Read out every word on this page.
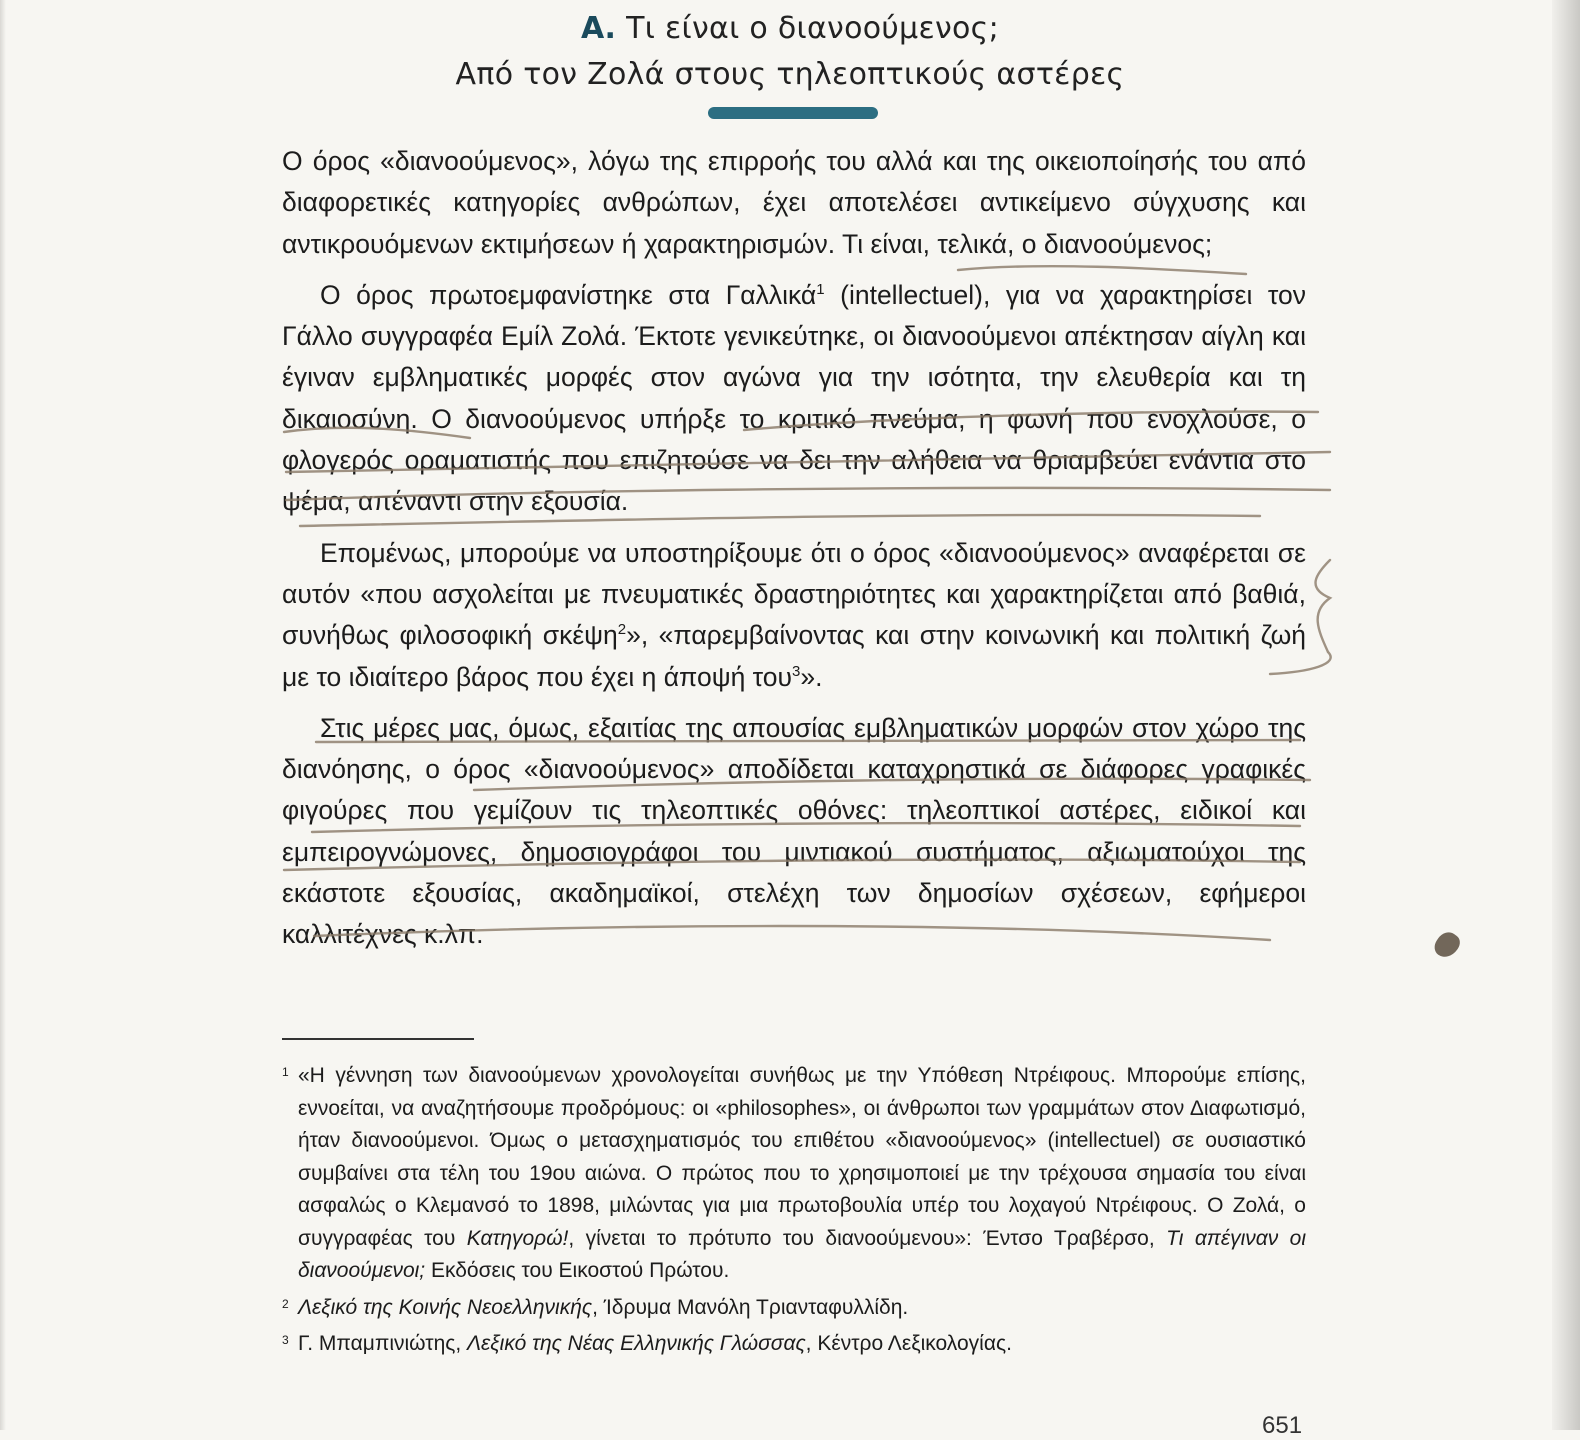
Α. Τι είναι ο διανοούμενος;
Από τον Ζολά στους τηλεοπτικούς αστέρες

Ο όρος «διανοούμενος», λόγω της επιρροής του αλλά και της οικειοποίησής του από διαφορετικές κατηγορίες ανθρώπων, έχει αποτελέσει αντικείμενο σύγχυσης και αντικρουόμενων εκτιμήσεων ή χαρακτηρισμών. Τι είναι, τελικά, ο διανοούμενος;

Ο όρος πρωτοεμφανίστηκε στα Γαλλικά$^1$ (intellectuel), για να χαρακτηρίσει τον Γάλλο συγγραφέα Εμίλ Ζολά. Έκτοτε γενικεύτηκε, οι διανοούμενοι απέκτησαν αίγλη και έγιναν εμβληματικές μορφές στον αγώνα για την ισότητα, την ελευθερία και τη δικαιοσύνη. Ο διανοούμενος υπήρξε το κριτικό πνεύμα, η φωνή που ενοχλούσε, ο φλογερός οραματιστής που επιζητούσε να δει την αλήθεια να θριαμβεύει ενάντια στο ψέμα, απέναντι στην εξουσία.

Επομένως, μπορούμε να υποστηρίξουμε ότι ο όρος «διανοούμενος» αναφέρεται σε αυτόν «που ασχολείται με πνευματικές δραστηριότητες και χαρακτηρίζεται από βαθιά, συνήθως φιλοσοφική σκέψη$^2$», «παρεμβαίνοντας και στην κοινωνική και πολιτική ζωή με το ιδιαίτερο βάρος που έχει η άποψή του$^3$».

Στις μέρες μας, όμως, εξαιτίας της απουσίας εμβληματικών μορφών στον χώρο της διανόησης, ο όρος «διανοούμενος» αποδίδεται καταχρηστικά σε διάφορες γραφικές φιγούρες που γεμίζουν τις τηλεοπτικές οθόνες: τηλεοπτικοί αστέρες, ειδικοί και εμπειρογνώμονες, δημοσιογράφοι του μιντιακού συστήματος, αξιωματούχοι της εκάστοτε εξουσίας, ακαδημαϊκοί, στελέχη των δημοσίων σχέσεων, εφήμεροι καλλιτέχνες κ.λπ.

1 «Η γέννηση των διανοούμενων χρονολογείται συνήθως με την Υπόθεση Ντρέιφους. Μπορούμε επίσης, εννοείται, να αναζητήσουμε προδρόμους: οι «philosophes», οι άνθρωποι των γραμμάτων στον Διαφωτισμό, ήταν διανοούμενοι. Όμως ο μετασχηματισμός του επιθέτου «διανοούμενος» (intellectuel) σε ουσιαστικό συμβαίνει στα τέλη του 19ου αιώνα. Ο πρώτος που το χρησιμοποιεί με την τρέχουσα σημασία του είναι ασφαλώς ο Κλεμανσό το 1898, μιλώντας για μια πρωτοβουλία υπέρ του λοχαγού Ντρέιφους. Ο Ζολά, ο συγγραφέας του Κατηγορώ!, γίνεται το πρότυπο του διανοούμενου»: Έντσο Τραβέρσο, Τι απέγιναν οι διανοούμενοι; Εκδόσεις του Εικοστού Πρώτου.
2 Λεξικό της Κοινής Νεοελληνικής, Ίδρυμα Μανόλη Τριανταφυλλίδη.
3 Γ. Μπαμπινιώτης, Λεξικό της Νέας Ελληνικής Γλώσσας, Κέντρο Λεξικολογίας.
651
